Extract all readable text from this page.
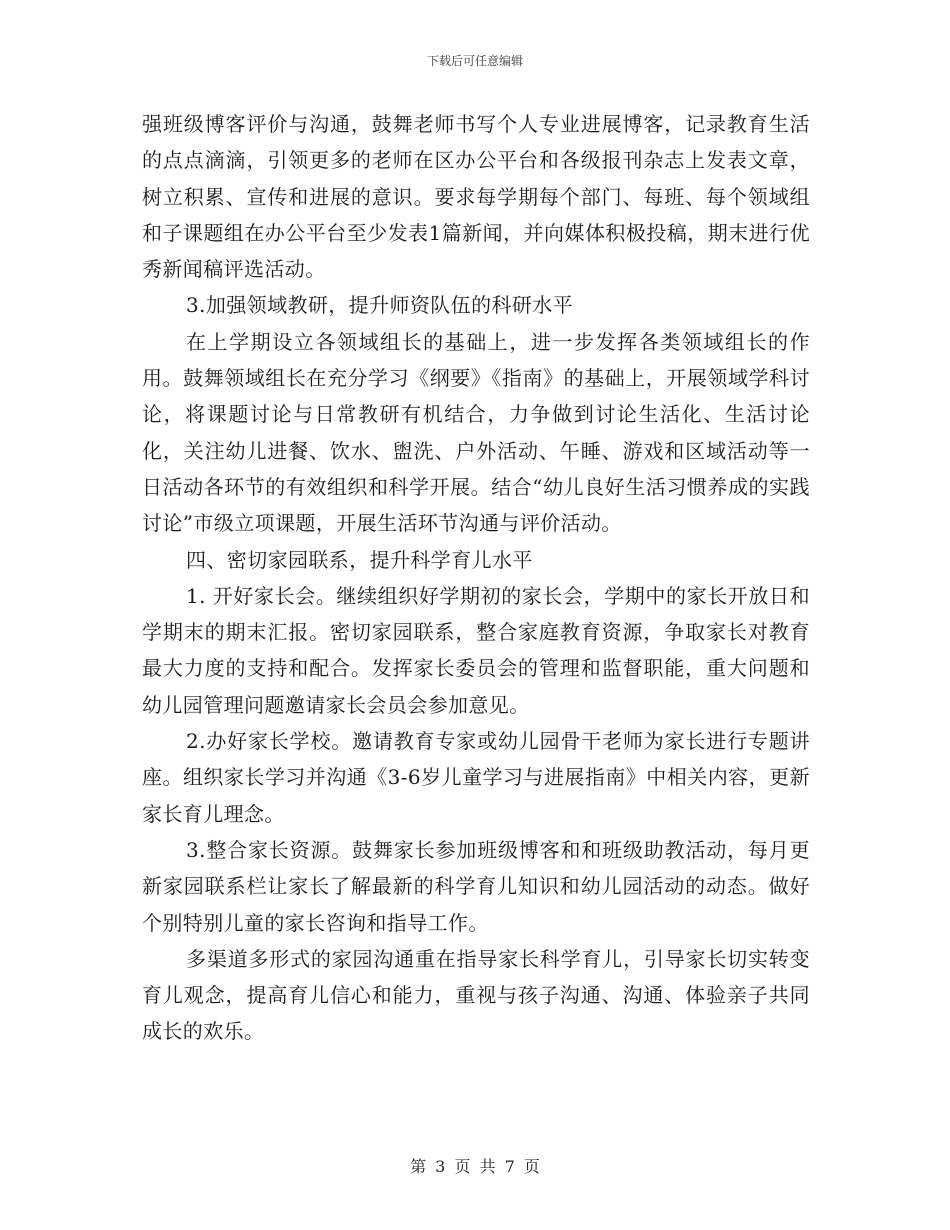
下载后可任意编辑

强班级博客评价与沟通，鼓舞老师书写个人专业进展博客，记录教育生活的点点滴滴，引领更多的老师在区办公平台和各级报刊杂志上发表文章，树立积累、宣传和进展的意识。要求每学期每个部门、每班、每个领域组和子课题组在办公平台至少发表1篇新闻，并向媒体积极投稿，期末进行优秀新闻稿评选活动。

3.加强领域教研，提升师资队伍的科研水平

在上学期设立各领域组长的基础上，进一步发挥各类领域组长的作用。鼓舞领域组长在充分学习《纲要》《指南》的基础上，开展领域学科讨论，将课题讨论与日常教研有机结合，力争做到讨论生活化、生活讨论化，关注幼儿进餐、饮水、盥洗、户外活动、午睡、游戏和区域活动等一日活动各环节的有效组织和科学开展。结合“幼儿良好生活习惯养成的实践讨论”市级立项课题，开展生活环节沟通与评价活动。

四、密切家园联系，提升科学育儿水平

1. 开好家长会。继续组织好学期初的家长会，学期中的家长开放日和学期末的期末汇报。密切家园联系，整合家庭教育资源，争取家长对教育最大力度的支持和配合。发挥家长委员会的管理和监督职能，重大问题和幼儿园管理问题邀请家长会员会参加意见。

2.办好家长学校。邀请教育专家或幼儿园骨干老师为家长进行专题讲座。组织家长学习并沟通《3-6岁儿童学习与进展指南》中相关内容，更新家长育儿理念。

3.整合家长资源。鼓舞家长参加班级博客和和班级助教活动，每月更新家园联系栏让家长了解最新的科学育儿知识和幼儿园活动的动态。做好个别特别儿童的家长咨询和指导工作。

多渠道多形式的家园沟通重在指导家长科学育儿，引导家长切实转变育儿观念，提高育儿信心和能力，重视与孩子沟通、沟通、体验亲子共同成长的欢乐。

第 3 页 共 7 页
